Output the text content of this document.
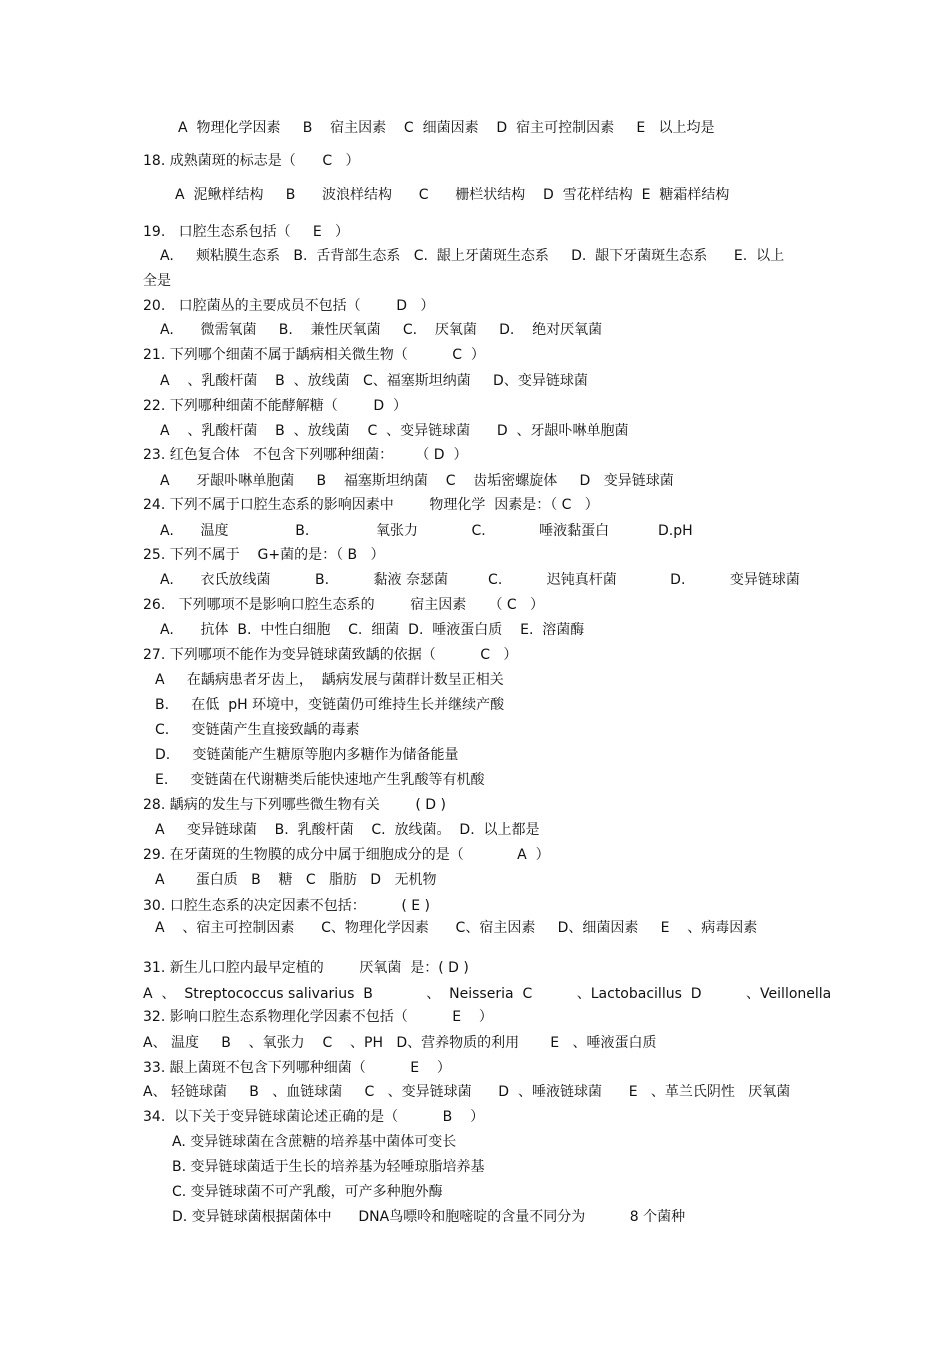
A  物理化学因素     B    宿主因素    C  细菌因素    D  宿主可控制因素     E   以上均是
18. 成熟菌斑的标志是（      C   ）
A  泥鳅样结构     B      波浪样结构      C      栅栏状结构    D  雪花样结构  E  糖霜样结构
19.   口腔生态系包括（     E   ）
A.     颊粘膜生态系   B.  舌背部生态系   C.  龈上牙菌斑生态系     D.  龈下牙菌斑生态系      E.  以上
全是
20.   口腔菌丛的主要成员不包括（        D   ）
A.      微需氧菌     B.    兼性厌氧菌     C.    厌氧菌     D.    绝对厌氧菌
21. 下列哪个细菌不属于龋病相关微生物（          C  ）
A    、乳酸杆菌    B  、放线菌   C、福塞斯坦纳菌     D、变异链球菌
22. 下列哪种细菌不能酵解糖（        D  ）
A    、乳酸杆菌    B  、放线菌    C  、变异链球菌      D  、牙龈卟啉单胞菌
23. 红色复合体   不包含下列哪种细菌：     （ D  ）
A      牙龈卟啉单胞菌     B    福塞斯坦纳菌    C    齿垢密螺旋体     D   变异链球菌
24. 下列不属于口腔生态系的影响因素中        物理化学  因素是：（ C   ）
A.      温度               B.               氧张力            C.            唾液黏蛋白           D.pH
25. 下列不属于    G+菌的是：（ B   ）
A.      衣氏放线菌          B.          黏液 奈瑟菌         C.          迟钝真杆菌            D.          变异链球菌
26.   下列哪项不是影响口腔生态系的        宿主因素     （ C   ）
A.      抗体  B.  中性白细胞    C.  细菌  D.  唾液蛋白质    E.  溶菌酶
27. 下列哪项不能作为变异链球菌致龋的依据（          C   ）
A     在龋病患者牙齿上，  龋病发展与菌群计数呈正相关
B.     在低  pH 环境中，变链菌仍可维持生长并继续产酸
C.     变链菌产生直接致龋的毒素
D.     变链菌能产生糖原等胞内多糖作为储备能量
E.     变链菌在代谢糖类后能快速地产生乳酸等有机酸
28. 龋病的发生与下列哪些微生物有关        ( D )
A     变异链球菌    B.  乳酸杆菌    C.  放线菌。  D.  以上都是
29. 在牙菌斑的生物膜的成分中属于细胞成分的是（            A  ）
A       蛋白质   B    糖   C   脂肪   D   无机物
30. 口腔生态系的决定因素不包括：        ( E )
A    、宿主可控制因素      C、物理化学因素      C、宿主因素     D、细菌因素     E    、病毒因素
31. 新生儿口腔内最早定植的        厌氧菌  是：( D )
A  、  Streptococcus salivarius  B            、  Neisseria  C          、Lactobacillus  D          、Veillonella
32. 影响口腔生态系物理化学因素不包括（          E    ）
A、 温度     B    、氧张力    C    、PH   D、营养物质的利用       E   、唾液蛋白质
33. 龈上菌斑不包含下列哪种细菌（          E    ）
A、 轻链球菌     B   、血链球菌     C   、变异链球菌      D  、唾液链球菌      E   、革兰氏阴性   厌氧菌
34.  以下关于变异链球菌论述正确的是（          B    ）
A. 变异链球菌在含蔗糖的培养基中菌体可变长
B. 变异链球菌适于生长的培养基为轻唾琼脂培养基
C. 变异链球菌不可产乳酸，可产多种胞外酶
D. 变异链球菌根据菌体中      DNA鸟嘌呤和胞嘧啶的含量不同分为          8 个菌种
